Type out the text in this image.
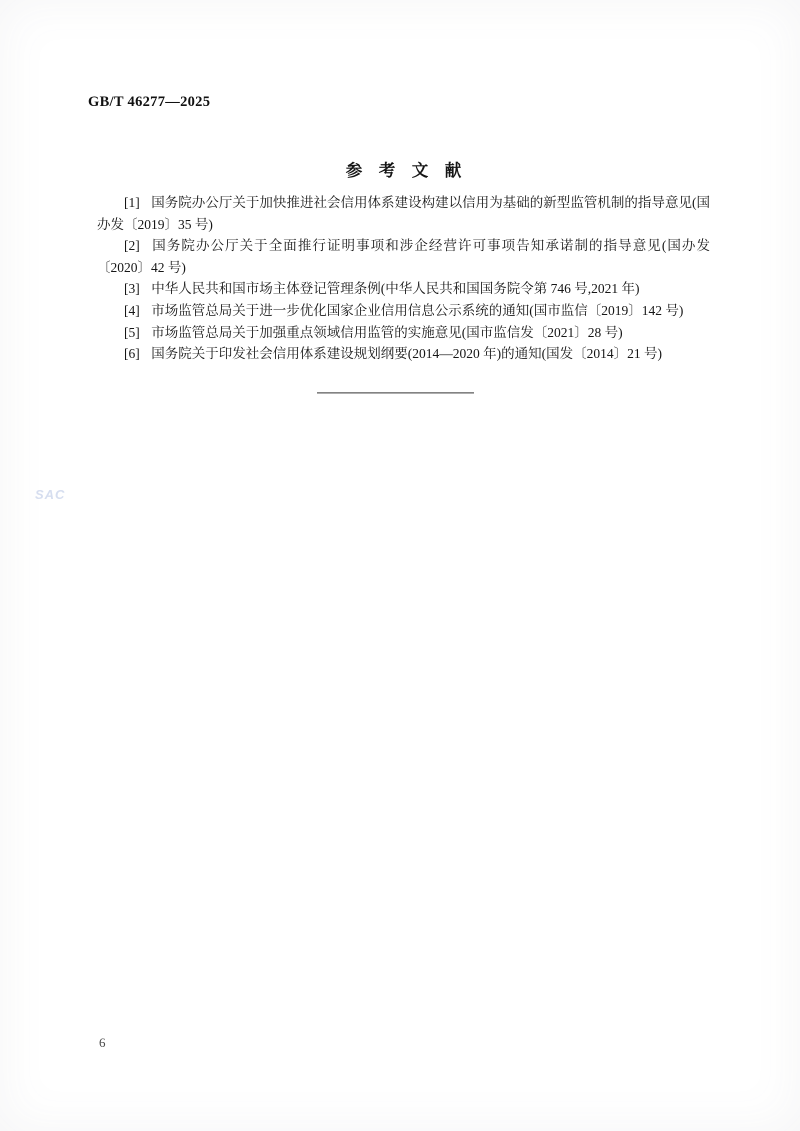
GB/T 46277—2025
参　考　文　献

[1] 国务院办公厅关于加快推进社会信用体系建设构建以信用为基础的新型监管机制的指导意见(国办发〔2019〕35 号)

[2] 国务院办公厅关于全面推行证明事项和涉企经营许可事项告知承诺制的指导意见(国办发〔2020〕42 号)

[3] 中华人民共和国市场主体登记管理条例(中华人民共和国国务院令第 746 号,2021 年)

[4] 市场监管总局关于进一步优化国家企业信用信息公示系统的通知(国市监信〔2019〕142 号)

[5] 市场监管总局关于加强重点领域信用监管的实施意见(国市监信发〔2021〕28 号)

[6] 国务院关于印发社会信用体系建设规划纲要(2014—2020 年)的通知(国发〔2014〕21 号)

SAC
6
